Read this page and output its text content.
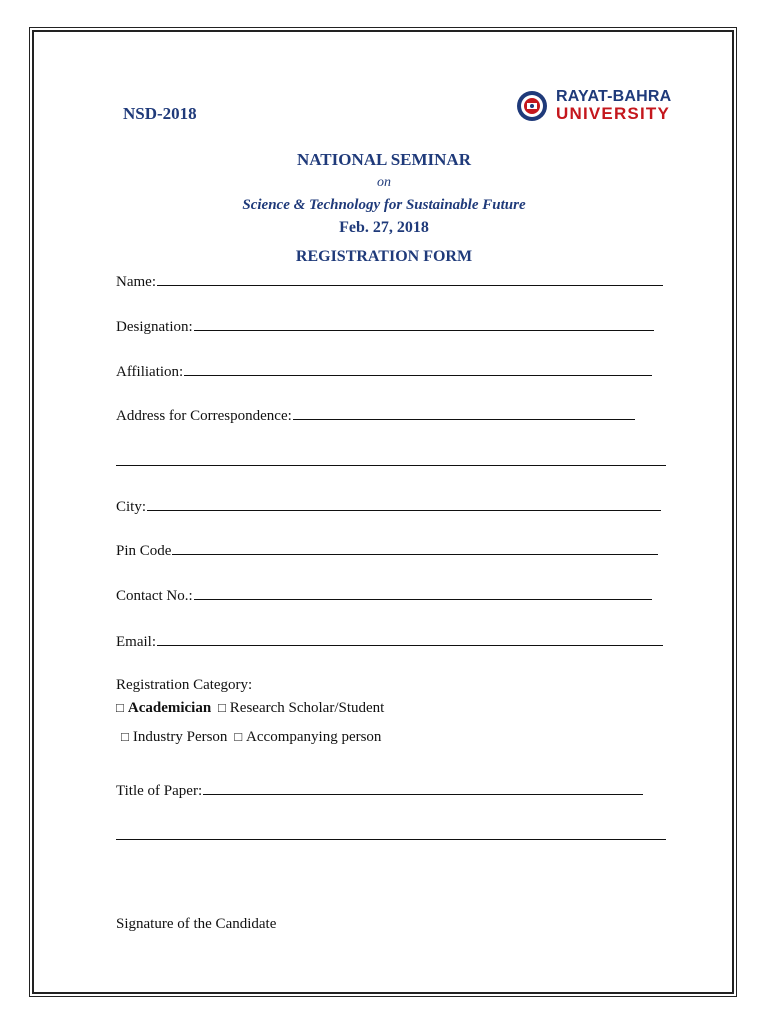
NSD-2018
RAYAT-BAHRA
UNIVERSITY
NATIONAL SEMINAR
on
Science & Technology for Sustainable Future
Feb. 27, 2018
REGISTRATION FORM
Name:
Designation:
Affiliation:
Address for Correspondence:
City:
Pin Code
Contact No.:
Email:
Registration Category:
□ Academician □ Research Scholar/Student
□ Industry Person □ Accompanying person
Title of Paper:
Signature of the Candidate
